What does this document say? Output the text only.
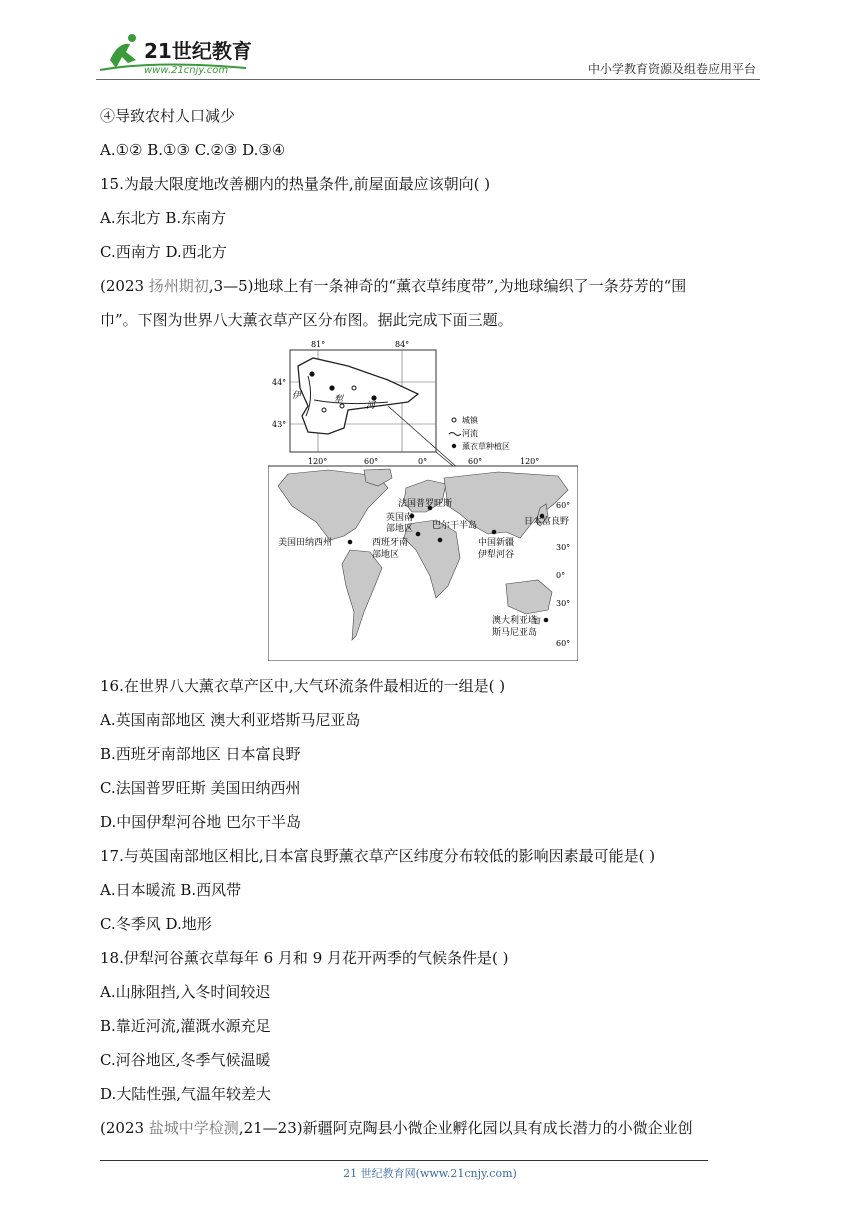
21世纪教育
www.21cnjy.com	中小学教育资源及组卷应用平台
④导致农村人口减少
A.①② B.①③ C.②③ D.③④
15.为最大限度地改善棚内的热量条件,前屋面最应该朝向( )
A.东北方 B.东南方
C.西南方 D.西北方
(2023 扬州期初,3—5)地球上有一条神奇的“薰衣草纬度带”,为地球编织了一条芬芳的“围
巾”。下图为世界八大薰衣草产区分布图。据此完成下面三题。
81°	84°
44°
43°
伊	犁
河
城镇
河流
薰衣草种植区
120°	60°	0°	60°	120°
60°
30°
0°
30°
60°
法国普罗旺斯
英国南
部地区 巴尔干半岛	日本富良野
美国田纳西州	西班牙南
部地区
中国新疆
伊犁河谷
澳大利亚塔
斯马尼亚岛
16.在世界八大薰衣草产区中,大气环流条件最相近的一组是( )
A.英国南部地区 澳大利亚塔斯马尼亚岛
B.西班牙南部地区 日本富良野
C.法国普罗旺斯 美国田纳西州
D.中国伊犁河谷地 巴尔干半岛
17.与英国南部地区相比,日本富良野薰衣草产区纬度分布较低的影响因素最可能是( )
A.日本暖流 B.西风带
C.冬季风 D.地形
18.伊犁河谷薰衣草每年 6 月和 9 月花开两季的气候条件是( )
A.山脉阻挡,入冬时间较迟
B.靠近河流,灌溉水源充足
C.河谷地区,冬季气候温暖
D.大陆性强,气温年较差大
(2023 盐城中学检测,21—23)新疆阿克陶县小微企业孵化园以具有成长潜力的小微企业创
21 世纪教育网(www.21cnjy.com)
